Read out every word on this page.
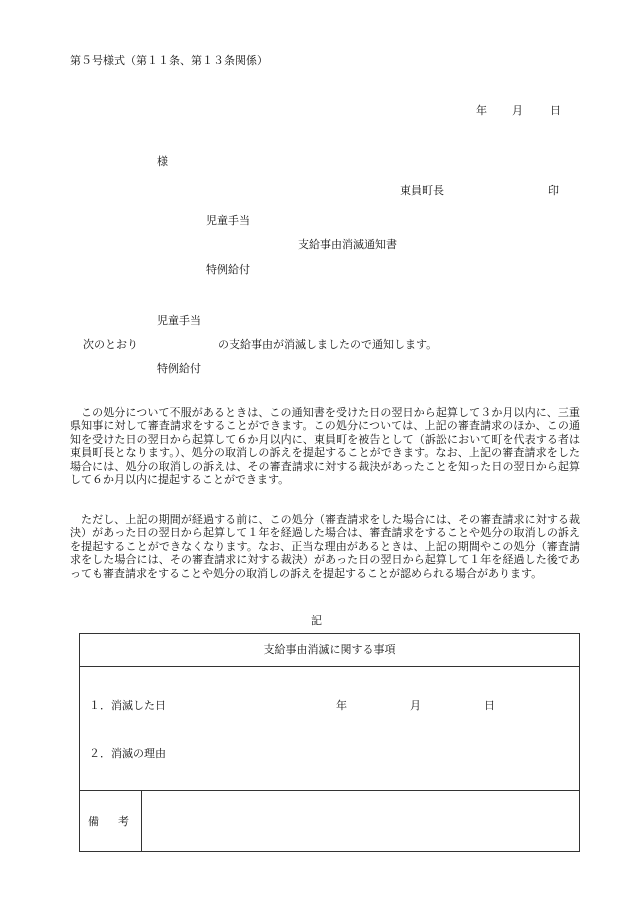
第５号様式（第１１条、第１３条関係）
年 月 日
様
東員町長	印
児童手当
支給事由消滅通知書
特例給付
児童手当
次のとおり	の支給事由が消滅しましたので通知します。
特例給付
この処分について不服があるときは、この通知書を受けた日の翌日から起算して３か月以内に、三重県知事に対して審査請求をすることができます。この処分については、上記の審査請求のほか、この通知を受けた日の翌日から起算して６か月以内に、東員町を被告として（訴訟において町を代表する者は東員町長となります。）、処分の取消しの訴えを提起することができます。なお、上記の審査請求をした場合には、処分の取消しの訴えは、その審査請求に対する裁決があったことを知った日の翌日から起算して６か月以内に提起することができます。
ただし、上記の期間が経過する前に、この処分（審査請求をした場合には、その審査請求に対する裁決）があった日の翌日から起算して１年を経過した場合は、審査請求をすることや処分の取消しの訴えを提起することができなくなります。なお、正当な理由があるときは、上記の期間やこの処分（審査請求をした場合には、その審査請求に対する裁決）があった日の翌日から起算して１年を経過した後であっても審査請求をすることや処分の取消しの訴えを提起することが認められる場合があります。
記
支給事由消滅に関する事項
１．消滅した日	年	月	日
２．消滅の理由
備　考
